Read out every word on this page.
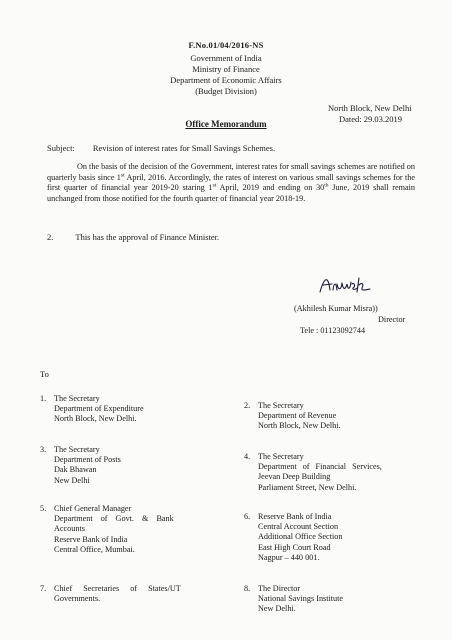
F.No.01/04/2016-NS
Government of India
Ministry of Finance
Department of Economic Affairs
(Budget Division)
North Block, New Delhi
Dated: 29.03.2019
Office Memorandum
Subject: Revision of interest rates for Small Savings Schemes.
On the basis of the decision of the Government, interest rates for small savings schemes are notified on quarterly basis since 1st April, 2016. Accordingly, the rates of interest on various small savings schemes for the first quarter of financial year 2019-20 staring 1st April, 2019 and ending on 30th June, 2019 shall remain unchanged from those notified for the fourth quarter of financial year 2018-19.
2.	This has the approval of Finance Minister.
(Akhilesh Kumar Misra))
Director
Tele : 01123092744
To
1. The Secretary
Department of Expenditure
North Block, New Delhi.
3. The Secretary
Department of Posts
Dak Bhawan
New Delhi
5. Chief General Manager
Department of Govt. & Bank
Accounts
Reserve Bank of India
Central Office, Mumbai.
7. Chief Secretaries of States/UT
Governments.
2. The Secretary
Department of Revenue
North Block, New Delhi.
4. The Secretary
Department of Financial Services,
Jeevan Deep Building
Parliament Street, New Delhi.
6. Reserve Bank of India
Central Account Section
Additional Office Section
East High Court Road
Nagpur – 440 001.
8. The Director
National Savings Institute
New Delhi.
